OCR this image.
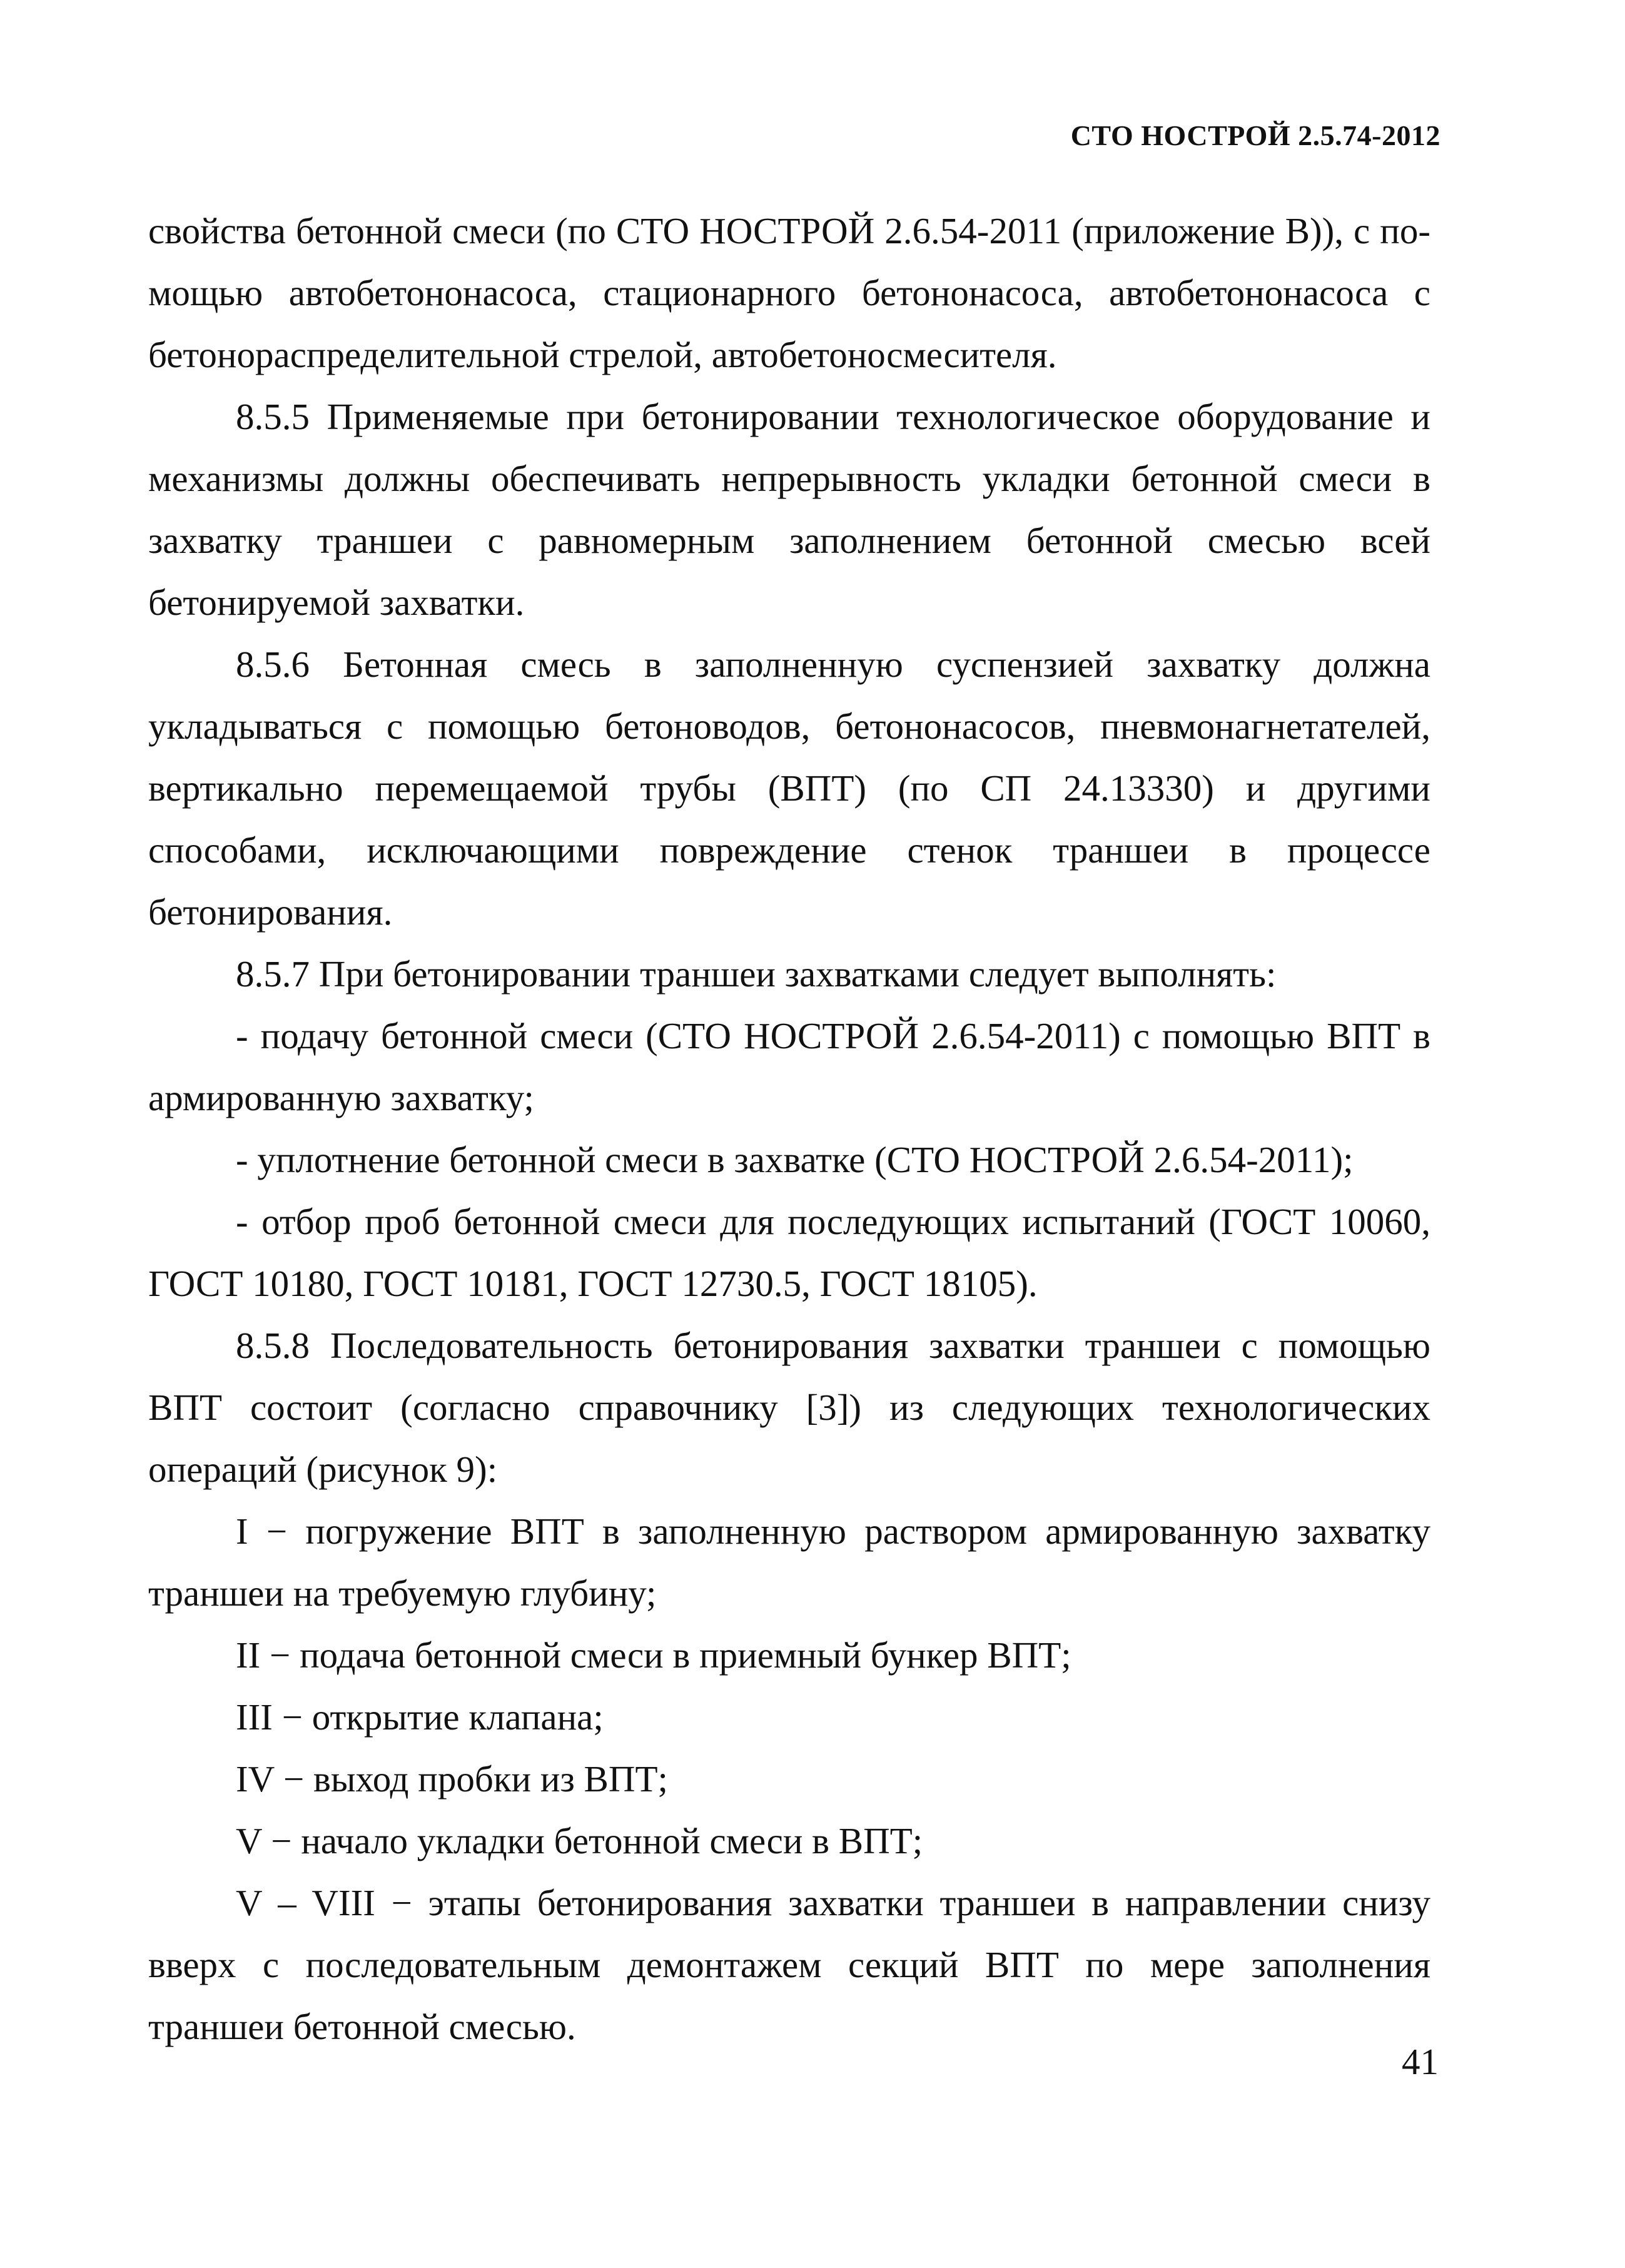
СТО НОСТРОЙ 2.5.74-2012

свойства бетонной смеси (по СТО НОСТРОЙ 2.6.54-2011 (приложение В)), с помощью автобетононасоса, стационарного бетононасоса, автобетононасоса с бетонораспределительной стрелой, автобетоносмесителя.

8.5.5 Применяемые при бетонировании технологическое оборудование и механизмы должны обеспечивать непрерывность укладки бетонной смеси в захватку траншеи с равномерным заполнением бетонной смесью всей бетонируемой захватки.

8.5.6 Бетонная смесь в заполненную суспензией захватку должна укладываться с помощью бетоноводов, бетононасосов, пневмонагнетателей, вертикально перемещаемой трубы (ВПТ) (по СП 24.13330) и другими способами, исключающими повреждение стенок траншеи в процессе бетонирования.

8.5.7 При бетонировании траншеи захватками следует выполнять:

- подачу бетонной смеси (СТО НОСТРОЙ 2.6.54-2011) с помощью ВПТ в армированную захватку;

- уплотнение бетонной смеси в захватке (СТО НОСТРОЙ 2.6.54-2011);

- отбор проб бетонной смеси для последующих испытаний (ГОСТ 10060, ГОСТ 10180, ГОСТ 10181, ГОСТ 12730.5, ГОСТ 18105).

8.5.8 Последовательность бетонирования захватки траншеи с помощью ВПТ состоит (согласно справочнику [3]) из следующих технологических операций (рисунок 9):

I − погружение ВПТ в заполненную раствором армированную захватку траншеи на требуемую глубину;

II − подача бетонной смеси в приемный бункер ВПТ;

III − открытие клапана;

IV − выход пробки из ВПТ;

V − начало укладки бетонной смеси в ВПТ;

V – VIII − этапы бетонирования захватки траншеи в направлении снизу вверх с последовательным демонтажем секций ВПТ по мере заполнения траншеи бетонной смесью.

41
